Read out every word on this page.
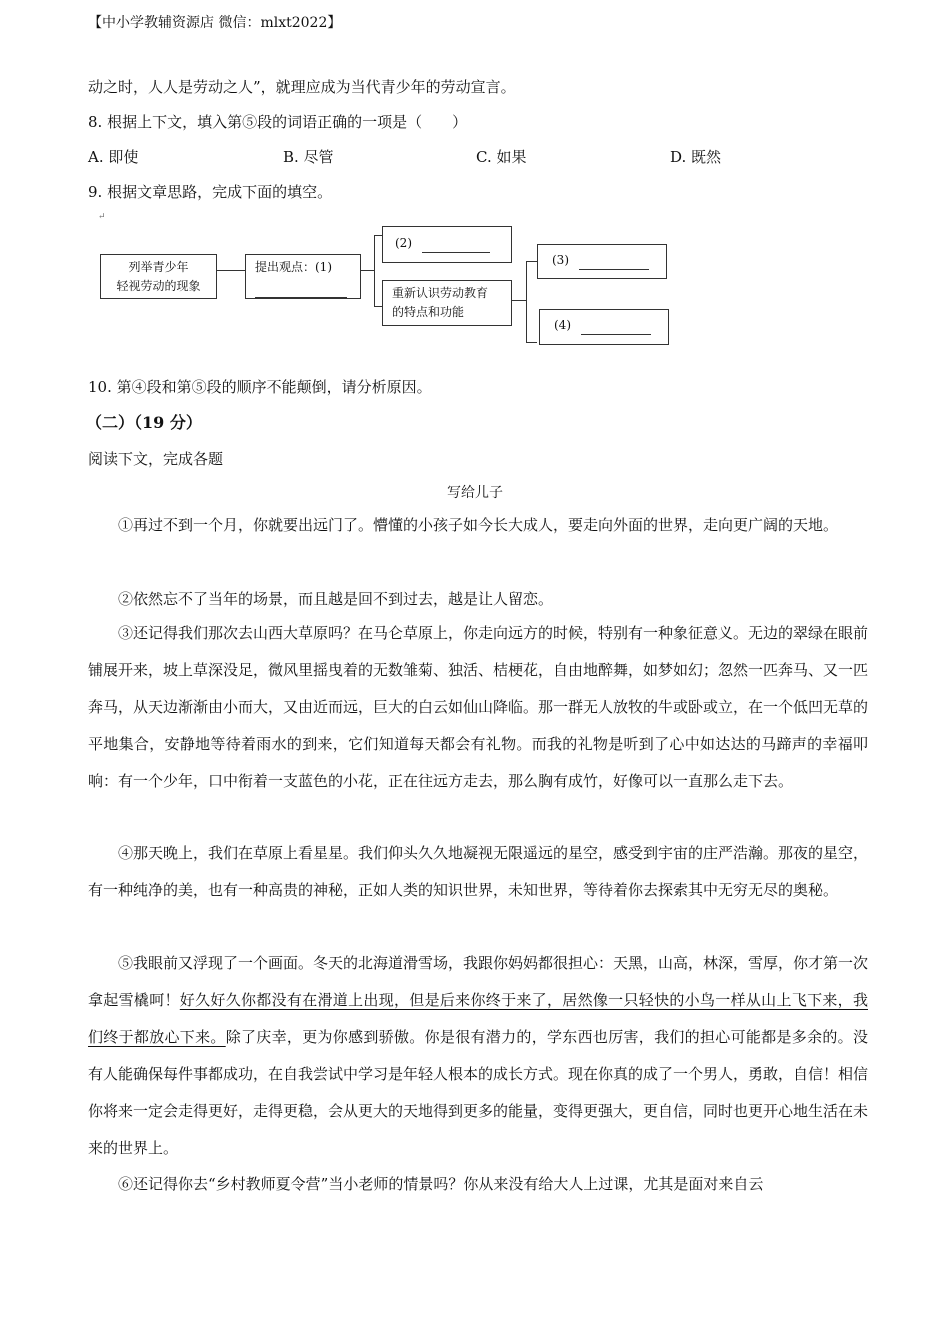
【中小学教辅资源店 微信：mlxt2022】
动之时，人人是劳动之人”，就理应成为当代青少年的劳动宣言。
8. 根据上下文，填入第⑤段的词语正确的一项是（　　）
A. 即使	B. 尽管	C. 如果	D. 既然
9. 根据文章思路，完成下面的填空。
↵
列举青少年
轻视劳动的现象
提出观点：(1)
(2)
重新认识劳动教育
的特点和功能
(3)
(4)
10. 第④段和第⑤段的顺序不能颠倒，请分析原因。
（二）（19 分）
阅读下文，完成各题
写给儿子
①再过不到一个月，你就要出远门了。懵懂的小孩子如今长大成人，要走向外面的世界，走向更广阔的天地。
②依然忘不了当年的场景，而且越是回不到过去，越是让人留恋。
③还记得我们那次去山西大草原吗？在马仑草原上，你走向远方的时候，特别有一种象征意义。无边的翠绿在眼前铺展开来，坡上草深没足，微风里摇曳着的无数雏菊、独活、桔梗花，自由地醉舞，如梦如幻；忽然一匹奔马、又一匹奔马，从天边渐渐由小而大，又由近而远，巨大的白云如仙山降临。那一群无人放牧的牛或卧或立，在一个低凹无草的平地集合，安静地等待着雨水的到来，它们知道每天都会有礼物。而我的礼物是听到了心中如达达的马蹄声的幸福叩响：有一个少年，口中衔着一支蓝色的小花，正在往远方走去，那么胸有成竹，好像可以一直那么走下去。
④那天晚上，我们在草原上看星星。我们仰头久久地凝视无限遥远的星空，感受到宇宙的庄严浩瀚。那夜的星空，有一种纯净的美，也有一种高贵的神秘，正如人类的知识世界，未知世界，等待着你去探索其中无穷无尽的奥秘。
⑤我眼前又浮现了一个画面。冬天的北海道滑雪场，我跟你妈妈都很担心：天黑，山高，林深，雪厚，你才第一次拿起雪橇呵！好久好久你都没有在滑道上出现，但是后来你终于来了，居然像一只轻快的小鸟一样从山上飞下来，我们终于都放心下来。除了庆幸，更为你感到骄傲。你是很有潜力的，学东西也厉害，我们的担心可能都是多余的。没有人能确保每件事都成功，在自我尝试中学习是年轻人根本的成长方式。现在你真的成了一个男人，勇敢，自信！相信你将来一定会走得更好，走得更稳，会从更大的天地得到更多的能量，变得更强大，更自信，同时也更开心地生活在未来的世界上。
⑥还记得你去“乡村教师夏令营”当小老师的情景吗？你从来没有给大人上过课，尤其是面对来自云
